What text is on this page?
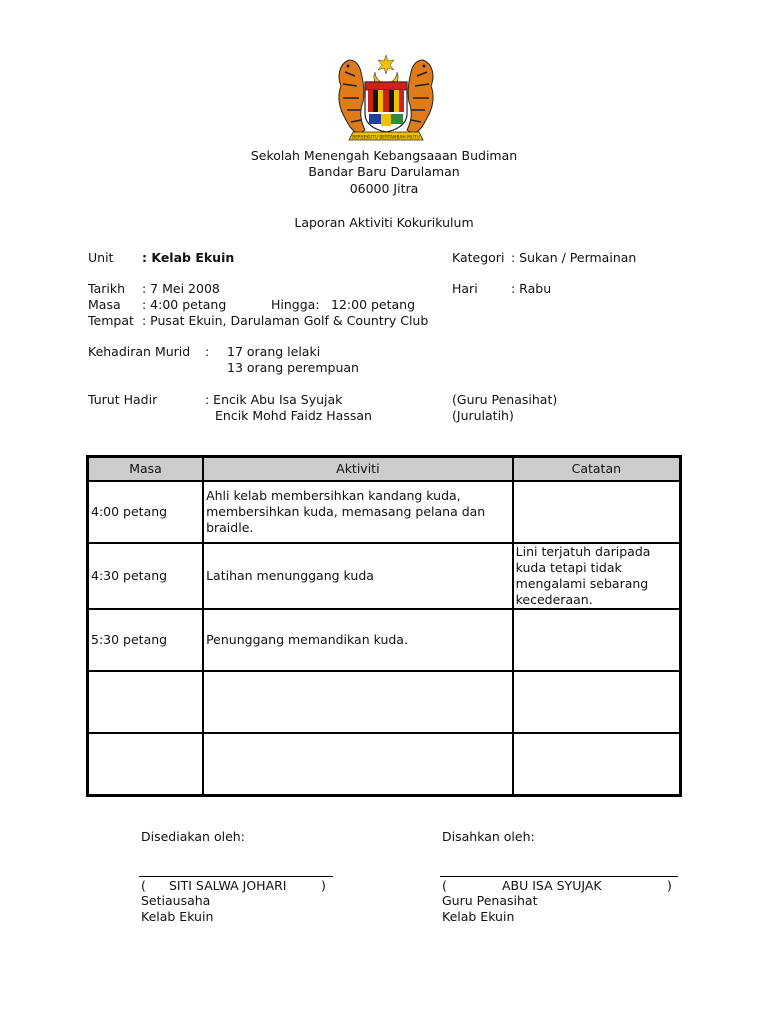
BERSEKUTU BERTAMBAH MUTU
Sekolah Menengah Kebangsaaan Budiman
Bandar Baru Darulaman
06000 Jitra
Laporan Aktiviti Kokurikulum
Unit : Kelab Ekuin	Kategori : Sukan / Permainan
Tarikh : 7 Mei 2008	Hari	: Rabu
Masa : 4:00 petang	Hingga: 12:00 petang
Tempat : Pusat Ekuin, Darulaman Golf & Country Club
Kehadiran Murid : 17 orang lelaki
13 orang perempuan
Turut Hadir	: Encik Abu Isa Syujak	(Guru Penasihat)
Encik Mohd Faidz Hassan	(Jurulatih)
Masa	Aktiviti	Catatan
4:00 petang	Ahli kelab membersihkan kandang kuda, membersihkan kuda, memasang pelana dan braidle.	
4:30 petang	Latihan menunggang kuda	Lini terjatuh daripada kuda tetapi tidak mengalami sebarang kecederaan.
5:30 petang	Penunggang memandikan kuda.	

Disediakan oleh:
( SITI SALWA JOHARI	)
Setiausaha
Kelab Ekuin
Disahkan oleh:
(	ABU ISA SYUJAK	)
Guru Penasihat
Kelab Ekuin
